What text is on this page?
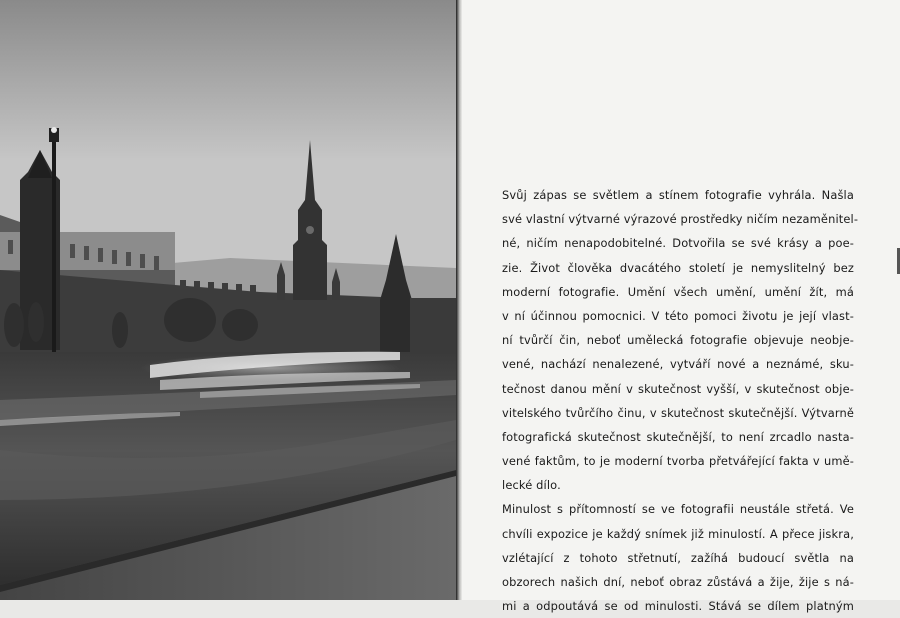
Svůj zápas se světlem a stínem fotografie vyhrála. Našla
své vlastní výtvarné výrazové prostředky ničím nezaměnitel-
né, ničím nenapodobitelné. Dotvořila se své krásy a poe-
zie. Život člověka dvacátého století je nemyslitelný bez
moderní fotografie. Umění všech umění, umění žít, má
v ní účinnou pomocnici. V této pomoci životu je její vlast-
ní tvůrčí čin, neboť umělecká fotografie objevuje neobje-
vené, nachází nenalezené, vytváří nové a neznámé, sku-
tečnost danou mění v skutečnost vyšší, v skutečnost obje-
vitelského tvůrčího činu, v skutečnost skutečnější. Výtvarně
fotografická skutečnost skutečnější, to není zrcadlo nasta-
vené faktům, to je moderní tvorba přetvářející fakta v umě-
lecké dílo.
Minulost s přítomností se ve fotografii neustále střetá. Ve
chvíli expozice je každý snímek již minulostí. A přece jiskra,
vzlétající z tohoto střetnutí, zažíhá budoucí světla na
obzorech našich dní, neboť obraz zůstává a žije, žije s ná-
mi a odpoutává se od minulosti. Stává se dílem platným
